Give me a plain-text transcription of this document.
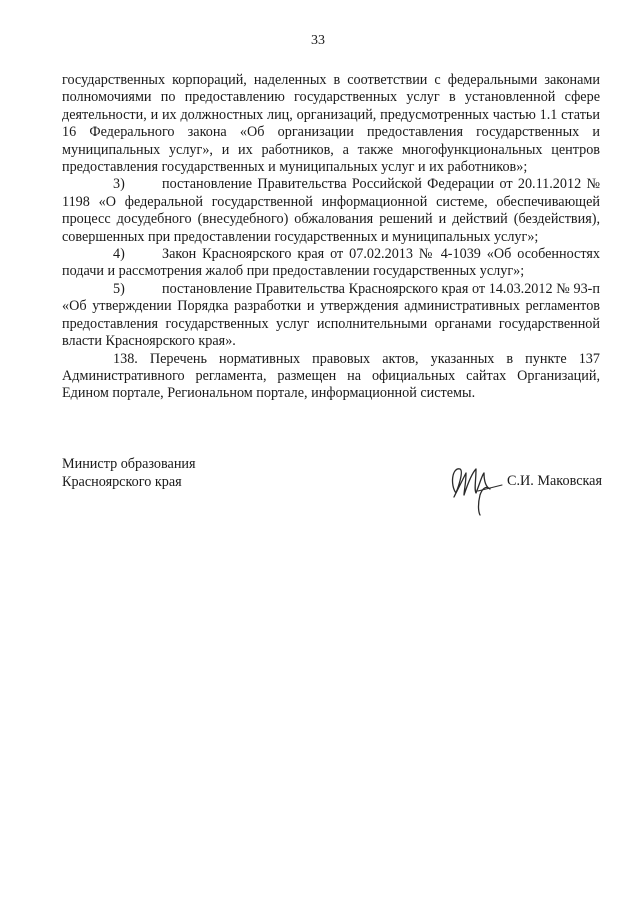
33

государственных корпораций, наделенных в соответствии с федеральными законами полномочиями по предоставлению государственных услуг в установленной сфере деятельности, и их должностных лиц, организаций, предусмотренных частью 1.1 статьи 16 Федерального закона «Об организации предоставления государственных и муниципальных услуг», и их работников, а также многофункциональных центров предоставления государственных и муниципальных услуг и их работников»;

3)	постановление Правительства Российской Федерации от 20.11.2012 № 1198 «О федеральной государственной информационной системе, обеспечивающей процесс досудебного (внесудебного) обжалования решений и действий (бездействия), совершенных при предоставлении государственных и муниципальных услуг»;

4)	Закон Красноярского края от 07.02.2013 № 4-1039 «Об особенностях подачи и рассмотрения жалоб при предоставлении государственных услуг»;

5)	постановление Правительства Красноярского края от 14.03.2012 № 93-п «Об утверждении Порядка разработки и утверждения административных регламентов предоставления государственных услуг исполнительными органами государственной власти Красноярского края».

138. Перечень нормативных правовых актов, указанных в пункте 137 Административного регламента, размещен на официальных сайтах Организаций, Едином портале, Региональном портале, информационной системы.

Министр образования
Красноярского края	С.И. Маковская
